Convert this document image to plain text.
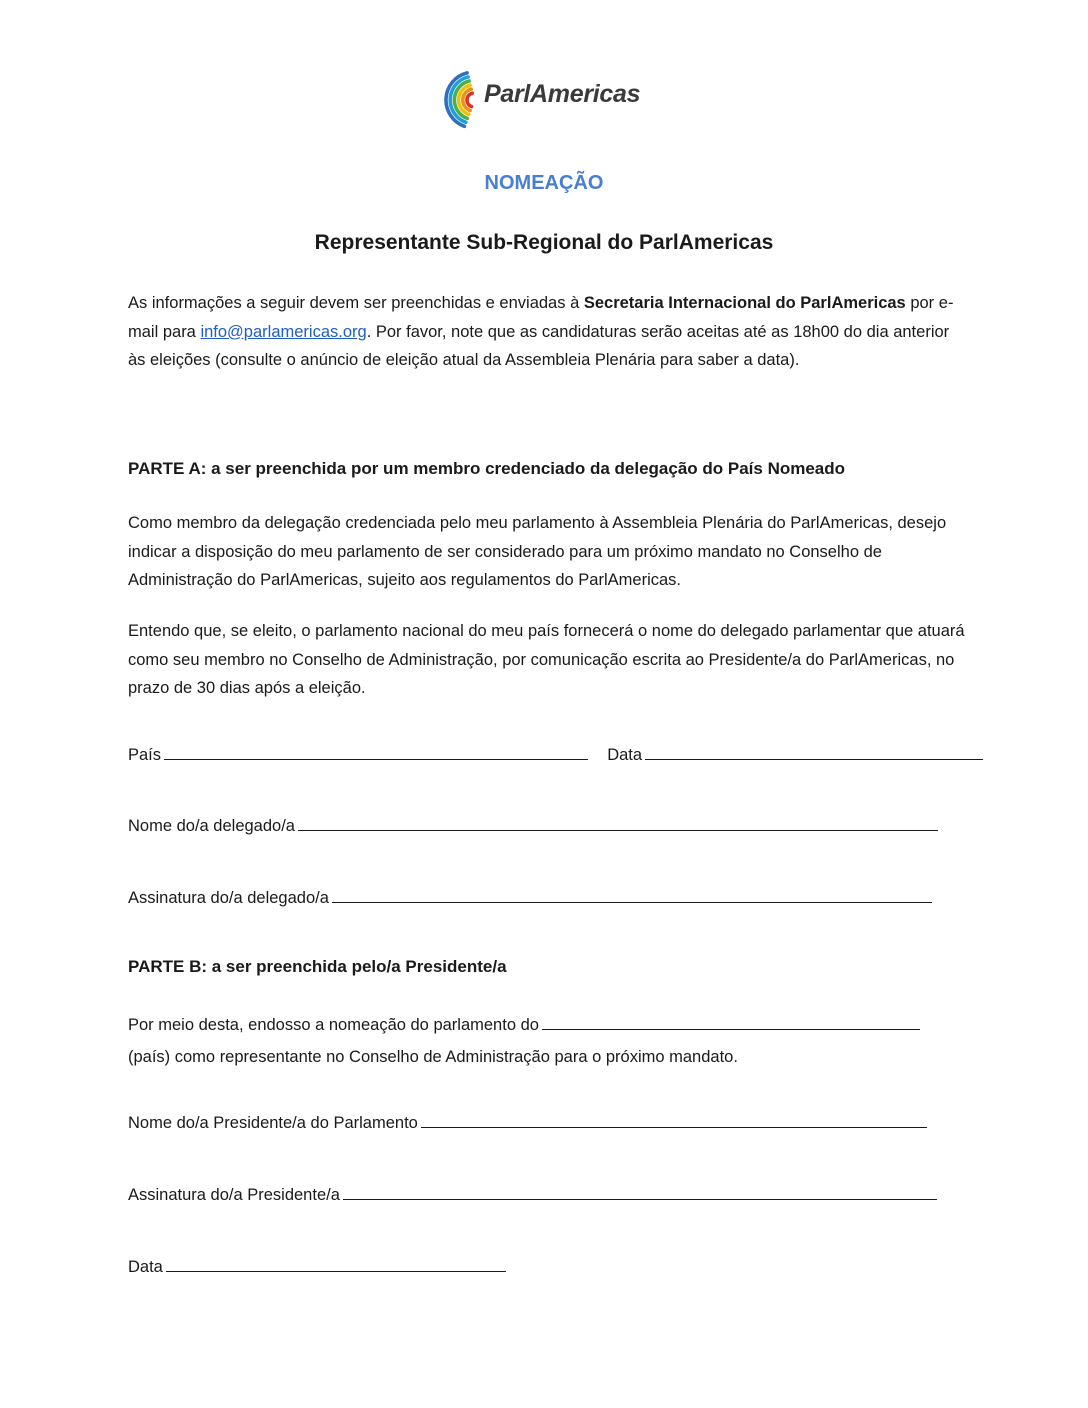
ParlAmericas
NOMEAÇÃO
Representante Sub-Regional do ParlAmericas

As informações a seguir devem ser preenchidas e enviadas à Secretaria Internacional do ParlAmericas por e-mail para info@parlamericas.org. Por favor, note que as candidaturas serão aceitas até as 18h00 do dia anterior às eleições (consulte o anúncio de eleição atual da Assembleia Plenária para saber a data).

PARTE A: a ser preenchida por um membro credenciado da delegação do País Nomeado

Como membro da delegação credenciada pelo meu parlamento à Assembleia Plenária do ParlAmericas, desejo indicar a disposição do meu parlamento de ser considerado para um próximo mandato no Conselho de Administração do ParlAmericas, sujeito aos regulamentos do ParlAmericas.

Entendo que, se eleito, o parlamento nacional do meu país fornecerá o nome do delegado parlamentar que atuará como seu membro no Conselho de Administração, por comunicação escrita ao Presidente/a do ParlAmericas, no prazo de 30 dias após a eleição.

País	Data
Nome do/a delegado/a
Assinatura do/a delegado/a
PARTE B: a ser preenchida pelo/a Presidente/a
Por meio desta, endosso a nomeação do parlamento do
(país) como representante no Conselho de Administração para o próximo mandato.
Nome do/a Presidente/a do Parlamento
Assinatura do/a Presidente/a
Data
